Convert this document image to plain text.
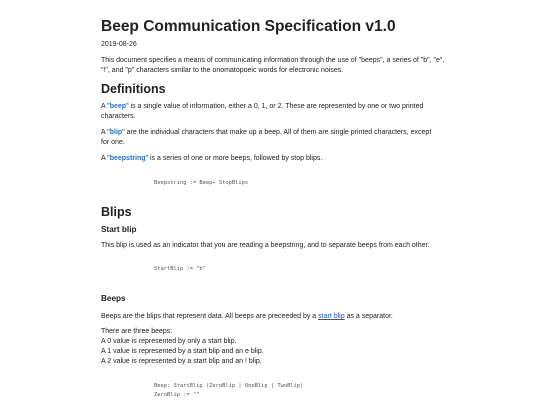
Beep Communication Specification v1.0
2019-08-26
This document specifies a means of communicating information through the use of "beeps", a series of "b", "e",
"!", and "p" characters similar to the onomatopoeic words for electronic noises.
Definitions
A "beep" is a single value of information, either a 0, 1, or 2. These are represented by one or two printed characters.
A "blip" are the individual characters that make up a beep. All of them are single printed characters, except for one.
A "beepstring" is a series of one or more beeps, followed by stop blips.
Beepstring := Beep+ StopBlips
Blips
Start blip
This blip is used as an indicator that you are reading a beepstring, and to separate beeps from each other.
StartBlip := "b"
Beeps
Beeps are the blips that represent data. All beeps are preceeded by a start blip as a separator.
There are three beeps:
A 0 value is represented by only a start blip.
A 1 value is represented by a start blip and an e blip.
A 2 value is represented by a start blip and an ! blip.
Beep: StartBlip (ZeroBlip | OneBlip | TwoBlip)
ZeroBlip := ""
